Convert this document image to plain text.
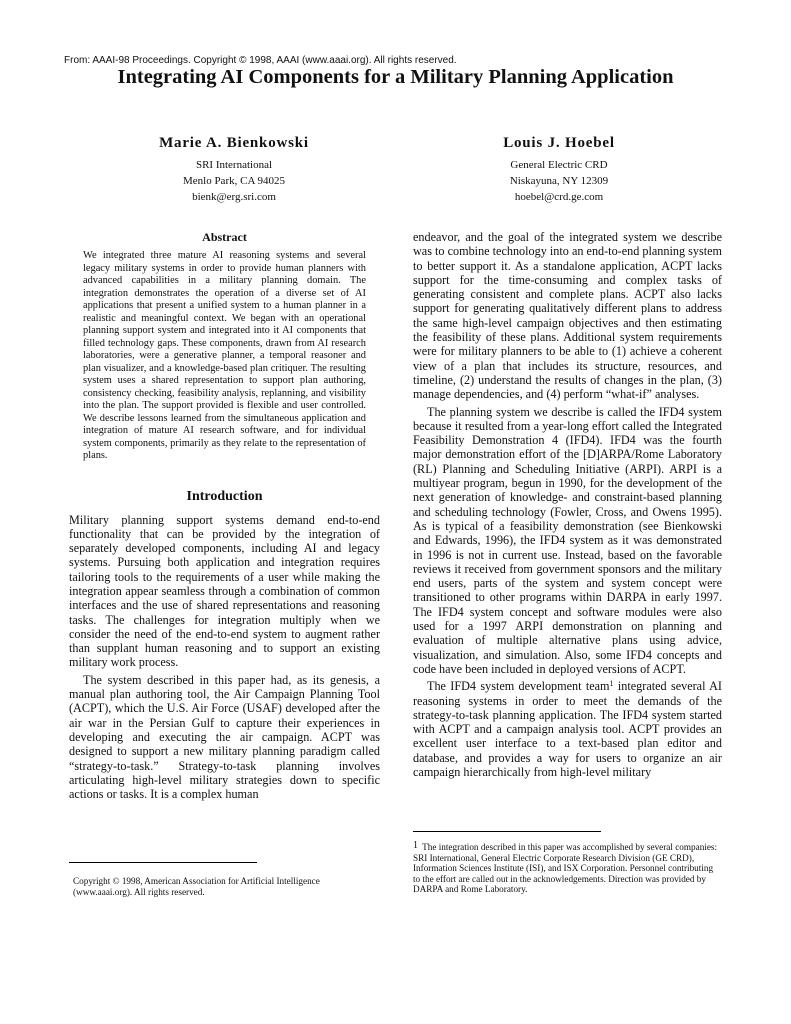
From: AAAI-98 Proceedings. Copyright © 1998, AAAI (www.aaai.org). All rights reserved.
Integrating AI Components for a Military Planning Application
Marie A. Bienkowski
SRI International
Menlo Park, CA 94025
bienk@erg.sri.com
Louis J. Hoebel
General Electric CRD
Niskayuna, NY 12309
hoebel@crd.ge.com
Abstract

We integrated three mature AI reasoning systems and several legacy military systems in order to provide human planners with advanced capabilities in a military planning domain. The integration demonstrates the operation of a diverse set of AI applications that present a unified system to a human planner in a realistic and meaningful context. We began with an operational planning support system and integrated into it AI components that filled technology gaps. These components, drawn from AI research laboratories, were a generative planner, a temporal reasoner and plan visualizer, and a knowledge-based plan critiquer. The resulting system uses a shared representation to support plan authoring, consistency checking, feasibility analysis, replanning, and visibility into the plan. The support provided is flexible and user controlled. We describe lessons learned from the simultaneous application and integration of mature AI research software, and for individual system components, primarily as they relate to the representation of plans.

Introduction

Military planning support systems demand end-to-end functionality that can be provided by the integration of separately developed components, including AI and legacy systems. Pursuing both application and integration requires tailoring tools to the requirements of a user while making the integration appear seamless through a combination of common interfaces and the use of shared representations and reasoning tasks. The challenges for integration multiply when we consider the need of the end-to-end system to augment rather than supplant human reasoning and to support an existing military work process.

The system described in this paper had, as its genesis, a manual plan authoring tool, the Air Campaign Planning Tool (ACPT), which the U.S. Air Force (USAF) developed after the air war in the Persian Gulf to capture their experiences in developing and executing the air campaign. ACPT was designed to support a new military planning paradigm called “strategy-to-task.” Strategy-to-task planning involves articulating high-level military strategies down to specific actions or tasks. It is a complex human

Copyright © 1998, American Association for Artificial Intelligence (www.aaai.org). All rights reserved.

endeavor, and the goal of the integrated system we describe was to combine technology into an end-to-end planning system to better support it. As a standalone application, ACPT lacks support for the time-consuming and complex tasks of generating consistent and complete plans. ACPT also lacks support for generating qualitatively different plans to address the same high-level campaign objectives and then estimating the feasibility of these plans. Additional system requirements were for military planners to be able to (1) achieve a coherent view of a plan that includes its structure, resources, and timeline, (2) understand the results of changes in the plan, (3) manage dependencies, and (4) perform “what-if” analyses.

The planning system we describe is called the IFD4 system because it resulted from a year-long effort called the Integrated Feasibility Demonstration 4 (IFD4). IFD4 was the fourth major demonstration effort of the [D]ARPA/Rome Laboratory (RL) Planning and Scheduling Initiative (ARPI). ARPI is a multiyear program, begun in 1990, for the development of the next generation of knowledge- and constraint-based planning and scheduling technology (Fowler, Cross, and Owens 1995). As is typical of a feasibility demonstration (see Bienkowski and Edwards, 1996), the IFD4 system as it was demonstrated in 1996 is not in current use. Instead, based on the favorable reviews it received from government sponsors and the military end users, parts of the system and system concept were transitioned to other programs within DARPA in early 1997. The IFD4 system concept and software modules were also used for a 1997 ARPI demonstration on planning and evaluation of multiple alternative plans using advice, visualization, and simulation. Also, some IFD4 concepts and code have been included in deployed versions of ACPT.

The IFD4 system development team$^1$ integrated several AI reasoning systems in order to meet the demands of the strategy-to-task planning application. The IFD4 system started with ACPT and a campaign analysis tool. ACPT provides an excellent user interface to a text-based plan editor and database, and provides a way for users to organize an air campaign hierarchically from high-level military

$^1$ The integration described in this paper was accomplished by several companies: SRI International, General Electric Corporate Research Division (GE CRD), Information Sciences Institute (ISI), and ISX Corporation. Personnel contributing to the effort are called out in the acknowledgements. Direction was provided by DARPA and Rome Laboratory.
